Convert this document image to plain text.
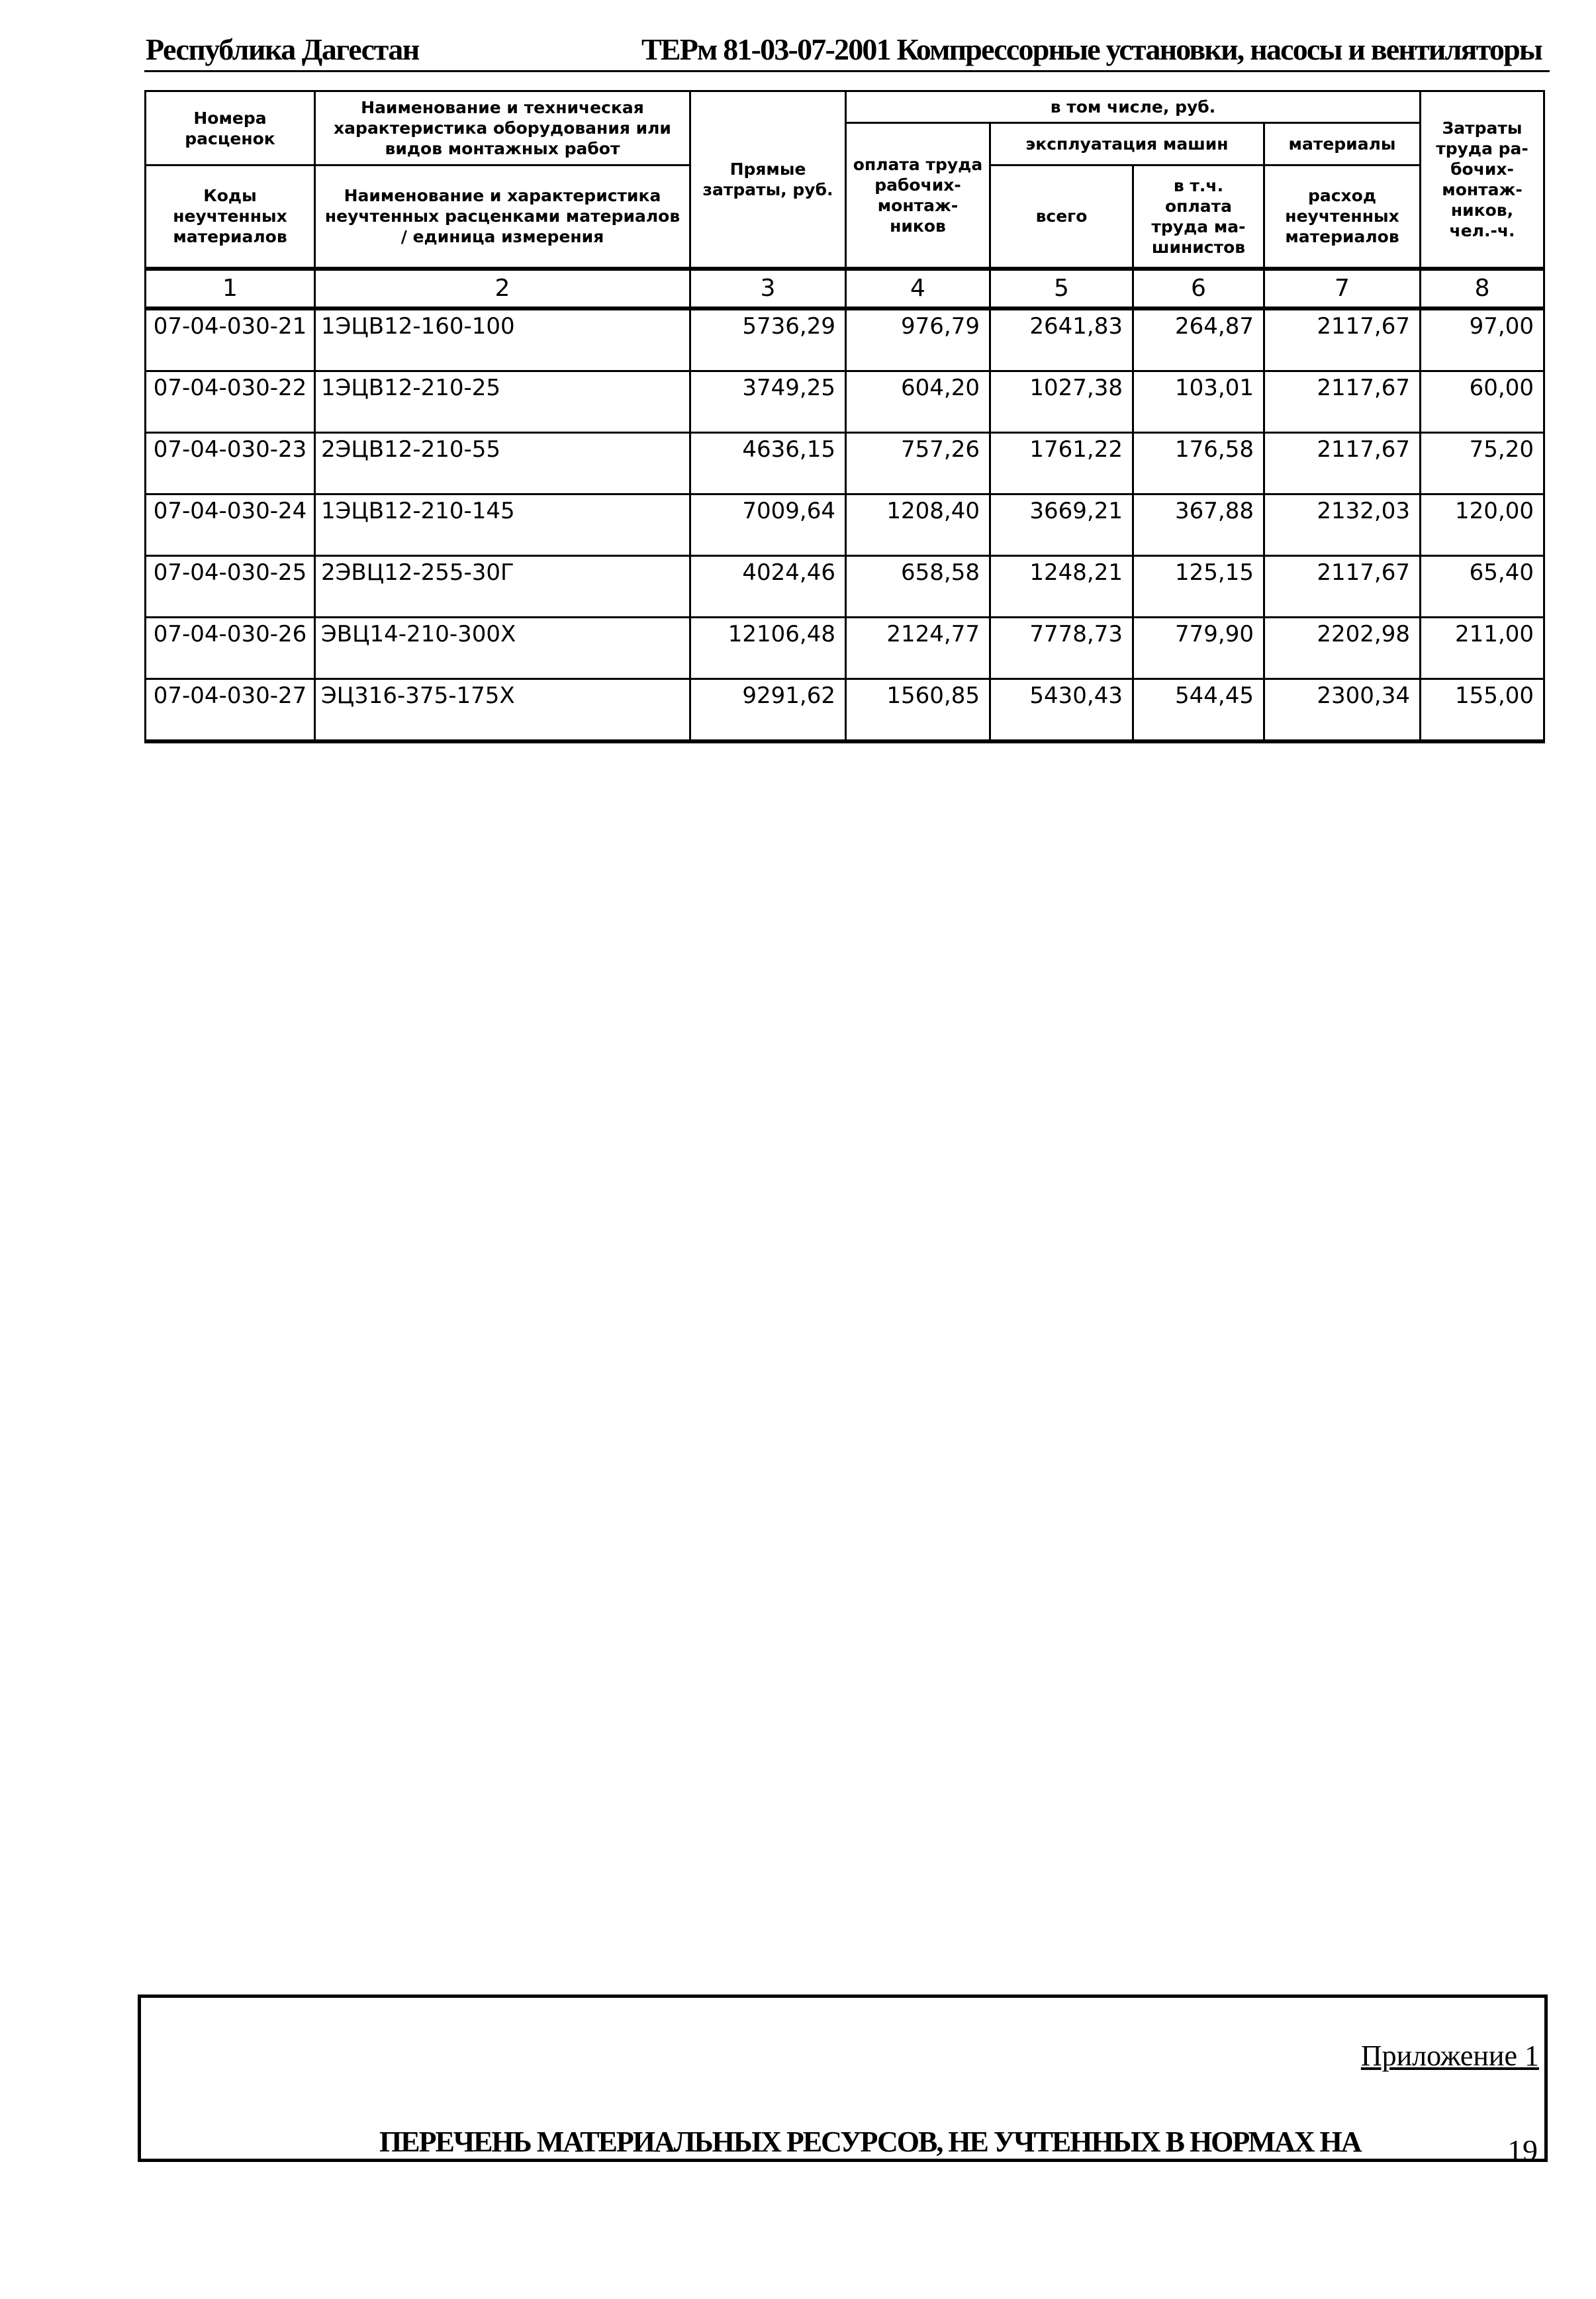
Республика Дагестан	ТЕРм 81-03-07-2001 Компрессорные установки, насосы и вентиляторы
Номера расценок	Наименование и техническая характеристика оборудования или видов монтажных работ	Прямые затраты, руб.	в том числе, руб.				Затраты труда ра-бочих-монтаж-ников, чел.-ч.
			оплата труда рабочих-монтаж-ников	эксплуатация машин		материалы	
Коды неучтенных материалов	Наименование и характеристика неучтенных расценками материалов / единица измерения			всего	в т.ч. оплата труда ма-шинистов	расход неучтенных материалов	

1	2	3	4	5	6	7	8
07-04-030-21	1ЭЦВ12-160-100	5736,29	976,79	2641,83	264,87	2117,67	97,00
07-04-030-22	1ЭЦВ12-210-25	3749,25	604,20	1027,38	103,01	2117,67	60,00
07-04-030-23	2ЭЦВ12-210-55	4636,15	757,26	1761,22	176,58	2117,67	75,20
07-04-030-24	1ЭЦВ12-210-145	7009,64	1208,40	3669,21	367,88	2132,03	120,00
07-04-030-25	2ЭВЦ12-255-30Г	4024,46	658,58	1248,21	125,15	2117,67	65,40
07-04-030-26	ЭВЦ14-210-300Х	12106,48	2124,77	7778,73	779,90	2202,98	211,00
07-04-030-27	ЭЦ316-375-175Х	9291,62	1560,85	5430,43	544,45	2300,34	155,00
Приложение 1
ПЕРЕЧЕНЬ МАТЕРИАЛЬНЫХ РЕСУРСОВ, НЕ УЧТЕННЫХ В НОРМАХ НА	19
